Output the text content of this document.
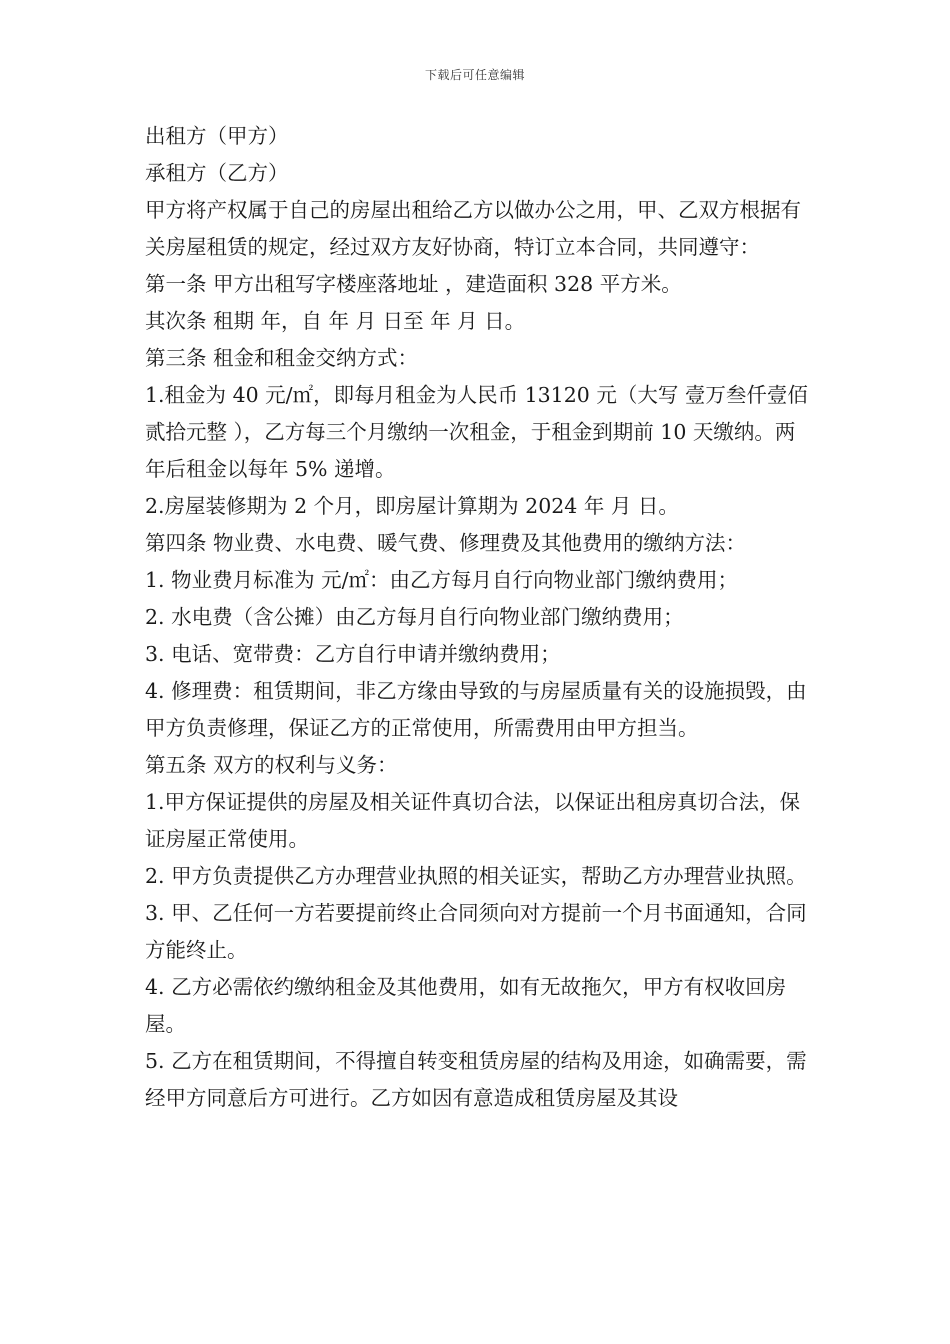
下载后可任意编辑

出租方（甲方）

承租方（乙方）

甲方将产权属于自己的房屋出租给乙方以做办公之用，甲、乙双方根据有关房屋租赁的规定，经过双方友好协商，特订立本合同，共同遵守：

第一条 甲方出租写字楼座落地址 ，建造面积 328 平方米。

其次条 租期 年，自 年 月 日至 年 月 日。

第三条 租金和租金交纳方式：

1.租金为 40 元/㎡，即每月租金为人民币 13120 元（大写 壹万叁仟壹佰贰拾元整 ），乙方每三个月缴纳一次租金，于租金到期前 10 天缴纳。两年后租金以每年 5% 递增。

2.房屋装修期为 2 个月，即房屋计算期为 2024 年 月 日。

第四条 物业费、水电费、暖气费、修理费及其他费用的缴纳方法：

1. 物业费月标准为 元/㎡：由乙方每月自行向物业部门缴纳费用；

2. 水电费（含公摊）由乙方每月自行向物业部门缴纳费用；

3. 电话、宽带费：乙方自行申请并缴纳费用；

4. 修理费：租赁期间，非乙方缘由导致的与房屋质量有关的设施损毁，由甲方负责修理，保证乙方的正常使用，所需费用由甲方担当。

第五条 双方的权利与义务：

1.甲方保证提供的房屋及相关证件真切合法，以保证出租房真切合法，保证房屋正常使用。

2. 甲方负责提供乙方办理营业执照的相关证实，帮助乙方办理营业执照。

3. 甲、乙任何一方若要提前终止合同须向对方提前一个月书面通知，合同方能终止。

4. 乙方必需依约缴纳租金及其他费用，如有无故拖欠，甲方有权收回房屋。

5. 乙方在租赁期间，不得擅自转变租赁房屋的结构及用途，如确需要，需经甲方同意后方可进行。乙方如因有意造成租赁房屋及其设
